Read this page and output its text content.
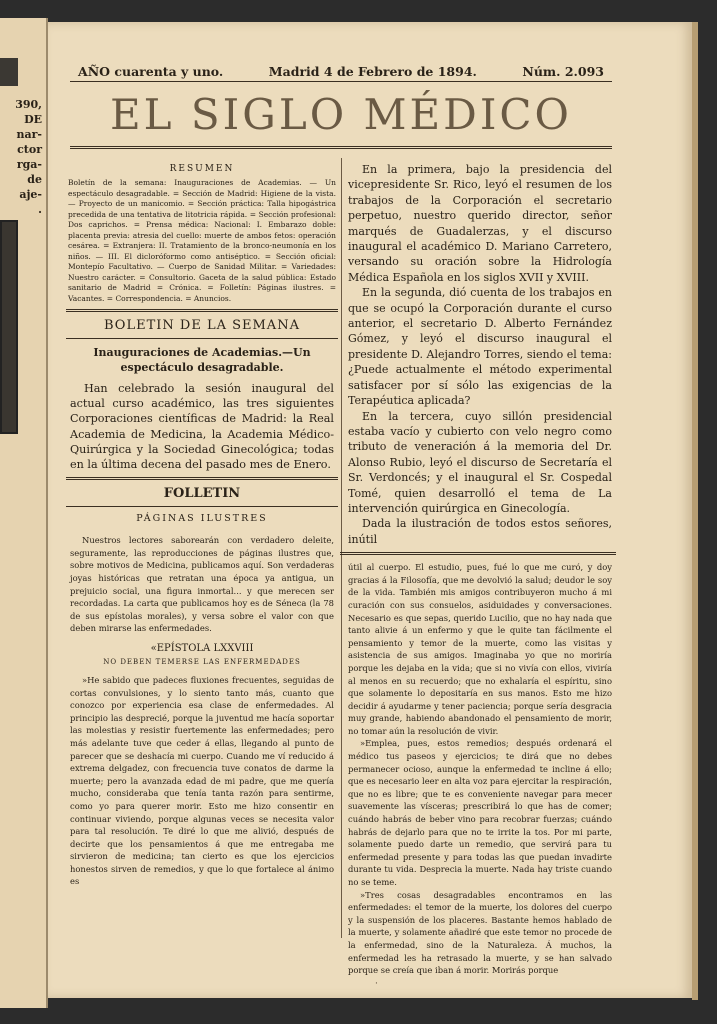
390,
DE
nar-
ctor
rga-
de
aje-
.
AÑO cuarenta y uno.	Madrid 4 de Febrero de 1894.	Núm. 2.093
EL SIGLO MÉDICO
RESUMEN

Boletín de la semana: Inauguraciones de Academias. — Un espectáculo desagradable. = Sección de Madrid: Higiene de la vista. — Proyecto de un manicomio. = Sección práctica: Talla hipogástrica precedida de una tentativa de litotricia rápida. = Sección profesional: Dos caprichos. = Prensa médica: Nacional: I. Embarazo doble: placenta previa: atresia del cuello: muerte de ambos fetos: operación cesárea. = Extranjera: II. Tratamiento de la bronco-neumonía en los niños. — III. El dicloróformo como antiséptico. = Sección oficial: Montepío Facultativo. — Cuerpo de Sanidad Militar. = Variedades: Nuestro carácter. = Consultorio. Gaceta de la salud pública: Estado sanitario de Madrid = Crónica. = Folletín: Páginas ilustres. = Vacantes. = Correspondencia. = Anuncios.

BOLETIN DE LA SEMANA
Inauguraciones de Academias.—Un espectáculo desagradable.

Han celebrado la sesión inaugural del actual curso académico, las tres siguientes Corporaciones científicas de Madrid: la Real Academia de Medicina, la Academia Médico-Quirúrgica y la Sociedad Ginecológica; todas en la última decena del pasado mes de Enero.

FOLLETIN
PÁGINAS ILUSTRES

Nuestros lectores saborearán con verdadero deleite, seguramente, las reproducciones de páginas ilustres que, sobre motivos de Medicina, publicamos aquí. Son verdaderas joyas históricas que retratan una época ya antigua, un prejuicio social, una figura inmortal... y que merecen ser recordadas. La carta que publicamos hoy es de Séneca (la 78 de sus epístolas morales), y versa sobre el valor con que deben mirarse las enfermedades.

«EPÍSTOLA LXXVIII
NO DEBEN TEMERSE LAS ENFERMEDADES

»He sabido que padeces fluxiones frecuentes, seguidas de cortas convulsiones, y lo siento tanto más, cuanto que conozco por experiencia esa clase de enfermedades. Al principio las desprecié, porque la juventud me hacía soportar las molestias y resistir fuertemente las enfermedades; pero más adelante tuve que ceder á ellas, llegando al punto de parecer que se deshacía mi cuerpo. Cuando me ví reducido á extrema delgadez, con frecuencia tuve conatos de darme la muerte; pero la avanzada edad de mi padre, que me quería mucho, consideraba que tenía tanta razón para sentirme, como yo para querer morir. Esto me hizo consentir en continuar viviendo, porque algunas veces se necesita valor para tal resolución. Te diré lo que me alivió, después de decirte que los pensamientos á que me entregaba me sirvieron de medicina; tan cierto es que los ejercicios honestos sirven de remedios, y que lo que fortalece al ánimo es

En la primera, bajo la presidencia del vicepresidente Sr. Rico, leyó el resumen de los trabajos de la Corporación el secretario perpetuo, nuestro querido director, señor marqués de Guadalerzas, y el discurso inaugural el académico D. Mariano Carretero, versando su oración sobre la Hidrología Médica Española en los siglos XVII y XVIII.

En la segunda, dió cuenta de los trabajos en que se ocupó la Corporación durante el curso anterior, el secretario D. Alberto Fernández Gómez, y leyó el discurso inaugural el presidente D. Alejandro Torres, siendo el tema: ¿Puede actualmente el método experimental satisfacer por sí sólo las exigencias de la Terapéutica aplicada?

En la tercera, cuyo sillón presidencial estaba vacío y cubierto con velo negro como tributo de veneración á la memoria del Dr. Alonso Rubio, leyó el discurso de Secretaría el Sr. Verdoncés; y el inaugural el Sr. Cospedal Tomé, quien desarrolló el tema de La intervención quirúrgica en Ginecología.

Dada la ilustración de todos estos señores, inútil

útil al cuerpo. El estudio, pues, fué lo que me curó, y doy gracias á la Filosofía, que me devolvió la salud; deudor le soy de la vida. También mis amigos contribuyeron mucho á mi curación con sus consuelos, asiduidades y conversaciones. Necesario es que sepas, querido Lucilio, que no hay nada que tanto alivie á un enfermo y que le quite tan fácilmente el pensamiento y temor de la muerte, como las visitas y asistencia de sus amigos. Imaginaba yo que no moriría porque les dejaba en la vida; que si no vivía con ellos, viviría al menos en su recuerdo; que no exhalaría el espíritu, sino que solamente lo depositaría en sus manos. Esto me hizo decidir á ayudarme y tener paciencia; porque sería desgracia muy grande, habiendo abandonado el pensamiento de morir, no tomar aún la resolución de vivir.

»Emplea, pues, estos remedios; después ordenará el médico tus paseos y ejercicios; te dirá que no debes permanecer ocioso, aunque la enfermedad te incline á ello; que es necesario leer en alta voz para ejercitar la respiración, que no es libre; que te es conveniente navegar para mecer suavemente las vísceras; prescribirá lo que has de comer; cuándo habrás de beber vino para recobrar fuerzas; cuándo habrás de dejarlo para que no te irrite la tos. Por mi parte, solamente puedo darte un remedio, que servirá para tu enfermedad presente y para todas las que puedan invadirte durante tu vida. Desprecia la muerte. Nada hay triste cuando no se teme.

»Tres cosas desagradables encontramos en las enfermedades: el temor de la muerte, los dolores del cuerpo y la suspensión de los placeres. Bastante hemos hablado de la muerte, y solamente añadiré que este temor no procede de la enfermedad, sino de la Naturaleza. Á muchos, la enfermedad les ha retrasado la muerte, y se han salvado porque se creía que iban á morir. Morirás porque

·
